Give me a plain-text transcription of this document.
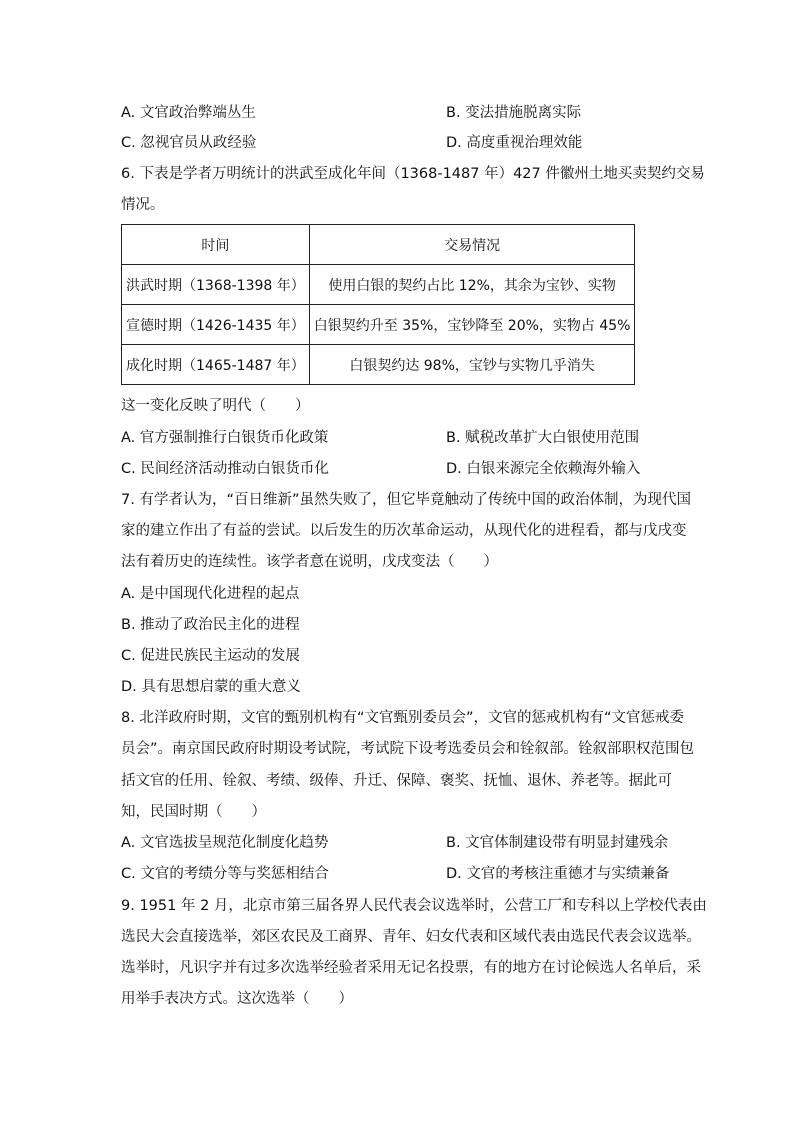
A. 文官政治弊端丛生	B. 变法措施脱离实际
C. 忽视官员从政经验	D. 高度重视治理效能
6. 下表是学者万明统计的洪武至成化年间（1368-1487 年）427 件徽州土地买卖契约交易
情况。
时间	交易情况
洪武时期（1368-1398 年）	使用白银的契约占比 12%，其余为宝钞、实物
宣德时期（1426-1435 年）	白银契约升至 35%，宝钞降至 20%，实物占 45%
成化时期（1465-1487 年）	白银契约达 98%，宝钞与实物几乎消失
这一变化反映了明代（　　）
A. 官方强制推行白银货币化政策	B. 赋税改革扩大白银使用范围
C. 民间经济活动推动白银货币化	D. 白银来源完全依赖海外输入
7. 有学者认为，“百日维新”虽然失败了，但它毕竟触动了传统中国的政治体制，为现代国
家的建立作出了有益的尝试。以后发生的历次革命运动，从现代化的进程看，都与戊戌变
法有着历史的连续性。该学者意在说明，戊戌变法（　　）
A. 是中国现代化进程的起点
B. 推动了政治民主化的进程
C. 促进民族民主运动的发展
D. 具有思想启蒙的重大意义
8. 北洋政府时期，文官的甄别机构有“文官甄别委员会”，文官的惩戒机构有“文官惩戒委
员会”。南京国民政府时期设考试院，考试院下设考选委员会和铨叙部。铨叙部职权范围包
括文官的任用、铨叙、考绩、级俸、升迁、保障、褒奖、抚恤、退休、养老等。据此可
知，民国时期（　　）
A. 文官选拔呈规范化制度化趋势	B. 文官体制建设带有明显封建残余
C. 文官的考绩分等与奖惩相结合	D. 文官的考核注重德才与实绩兼备
9. 1951 年 2 月，北京市第三届各界人民代表会议选举时，公营工厂和专科以上学校代表由
选民大会直接选举，郊区农民及工商界、青年、妇女代表和区域代表由选民代表会议选举。
选举时，凡识字并有过多次选举经验者采用无记名投票，有的地方在讨论候选人名单后，采
用举手表决方式。这次选举（　　）
